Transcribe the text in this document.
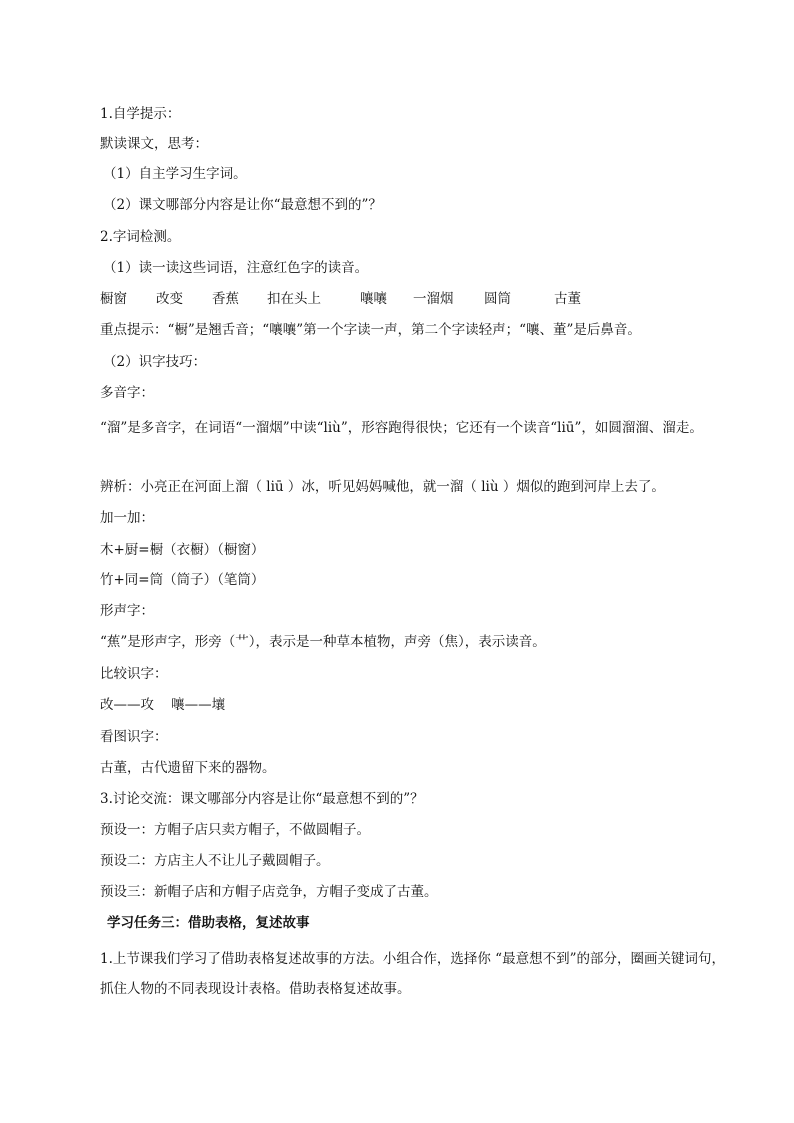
1.自学提示：
默读课文，思考：
（1）自主学习生字词。
（2）课文哪部分内容是让你“最意想不到的”？
2.字词检测。
（1）读一读这些词语，注意红色字的读音。
橱窗 改变 香蕉 扣在头上	嚷嚷 一溜烟 圆筒	古董
重点提示：“橱”是翘舌音；“嚷嚷”第一个字读一声，第二个字读轻声；“嚷、董”是后鼻音。
（2）识字技巧：
多音字：
“溜”是多音字，在词语“一溜烟”中读“liù”，形容跑得很快；它还有一个读音“liū”，如圆溜溜、溜走。
辨析：小亮正在河面上溜（ liū ）冰，听见妈妈喊他，就一溜（ liù ）烟似的跑到河岸上去了。
加一加：
木+厨=橱（衣橱）（橱窗）
竹+同=筒（筒子）（笔筒）
形声字：
“蕉”是形声字，形旁（艹），表示是一种草本植物，声旁（焦），表示读音。
比较识字：
改——攻    嚷——壤
看图识字：
古董，古代遗留下来的器物。
3.讨论交流：课文哪部分内容是让你“最意想不到的”？
预设一：方帽子店只卖方帽子，不做圆帽子。
预设二：方店主人不让儿子戴圆帽子。
预设三：新帽子店和方帽子店竞争，方帽子变成了古董。
学习任务三：借助表格，复述故事
1.上节课我们学习了借助表格复述故事的方法。小组合作，选择你 “最意想不到”的部分，圈画关键词句，抓住人物的不同表现设计表格。借助表格复述故事。
